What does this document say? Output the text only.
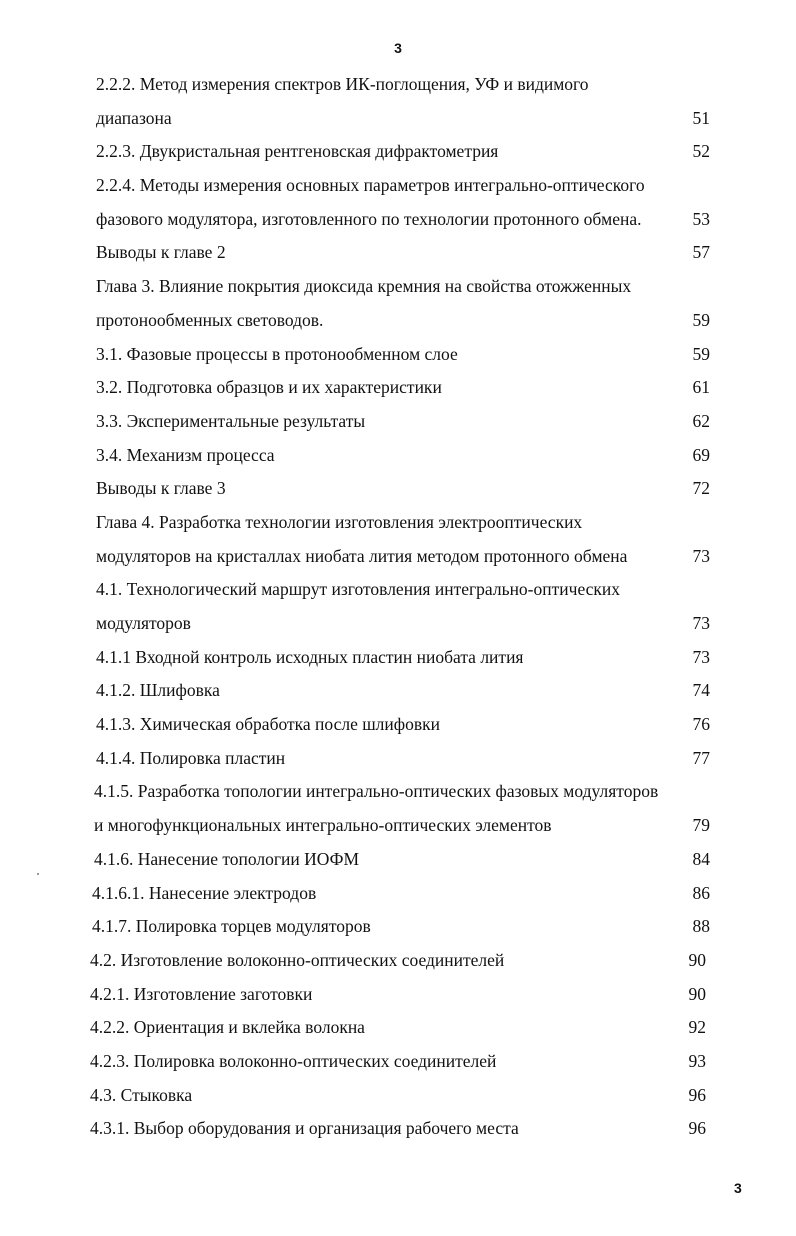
3
2.2.2. Метод измерения спектров ИК-поглощения, УФ и видимого
диапазона	51
2.2.3. Двукристальная рентгеновская дифрактометрия	52
2.2.4. Методы измерения основных параметров интегрально-оптического
фазового модулятора, изготовленного по технологии протонного обмена.	53
Выводы к главе 2	57
Глава 3. Влияние покрытия диоксида кремния на свойства отожженных
протонообменных световодов.	59
3.1. Фазовые процессы в протонообменном слое	59
3.2. Подготовка образцов и их характеристики	61
3.3. Экспериментальные результаты	62
3.4. Механизм процесса	69
Выводы к главе 3	72
Глава 4. Разработка технологии изготовления электрооптических
модуляторов на кристаллах ниобата лития методом протонного обмена	73
4.1. Технологический маршрут изготовления интегрально-оптических
модуляторов	73
4.1.1 Входной контроль исходных пластин ниобата лития	73
4.1.2. Шлифовка	74
4.1.3. Химическая обработка после шлифовки	76
4.1.4. Полировка пластин	77
4.1.5. Разработка топологии интегрально-оптических фазовых модуляторов
и многофункциональных интегрально-оптических элементов	79
4.1.6. Нанесение топологии ИОФМ	84
4.1.6.1. Нанесение электродов	86
4.1.7. Полировка торцев модуляторов	88
4.2. Изготовление волоконно-оптических соединителей	90
4.2.1. Изготовление заготовки	90
4.2.2. Ориентация и вклейка волокна	92
4.2.3. Полировка волоконно-оптических соединителей	93
4.3. Стыковка	96
4.3.1. Выбор оборудования и организация рабочего места	96
3
